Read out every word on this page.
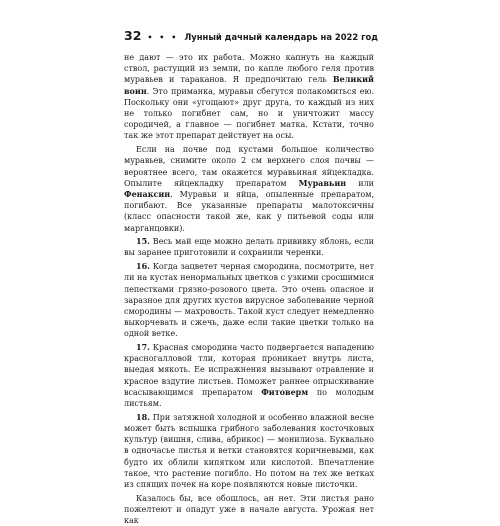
32 • • • Лунный дачный календарь на 2022 год

не дают — это их работа. Можно капнуть на каждый ствол, растущий из земли, по капле любого геля против муравьев и тараканов. Я предпочитаю гель Великий воин. Это приманка, муравьи сбегутся полакомиться ею. Поскольку они «угощают» друг друга, то каждый из них не только погибнет сам, но и уничтожит массу сородичей, а главное — погибнет матка. Кстати, точно так же этот препарат действует на осы.

Если на почве под кустами большое количество муравьев, снимите около 2 см верхнего слоя почвы — вероятнее всего, там окажется муравьиная яйцекладка. Опылите яйцекладку препаратом Муравьин или Фенаксин. Муравьи и яйца, опыленные препаратом, погибают. Все указанные препараты малотоксичны (класс опасности такой же, как у питьевой соды или марганцовки).

15. Весь май еще можно делать прививку яблонь, если вы заранее приготовили и сохранили черенки.

16. Когда зацветет черная смородина, посмотрите, нет ли на кустах ненормальных цветков с узкими сросшимися лепестками грязно-розового цвета. Это очень опасное и заразное для других кустов вирусное заболевание черной смородины — махровость. Такой куст следует немедленно выкорчевать и сжечь, даже если такие цветки только на одной ветке.

17. Красная смородина часто подвергается нападению красногалловой тли, которая проникает внутрь листа, выедая мякоть. Ее испражнения вызывают отравление и красное вздутие листьев. Поможет раннее опрыскивание всасывающимся препаратом Фитоверм по молодым листьям.

18. При затяжной холодной и особенно влажной весне может быть вспышка грибного заболевания косточковых культур (вишня, слива, абрикос) — монилиоза. Буквально в одночасье листья и ветки становятся коричневыми, как будто их облили кипятком или кислотой. Впечатление такое, что растение погибло. Но потом на тех же ветках из спящих почек на коре появляются новые листочки.

Казалось бы, все обошлось, ан нет. Эти листья рано пожелтеют и опадут уже в начале августа. Урожая нет как
